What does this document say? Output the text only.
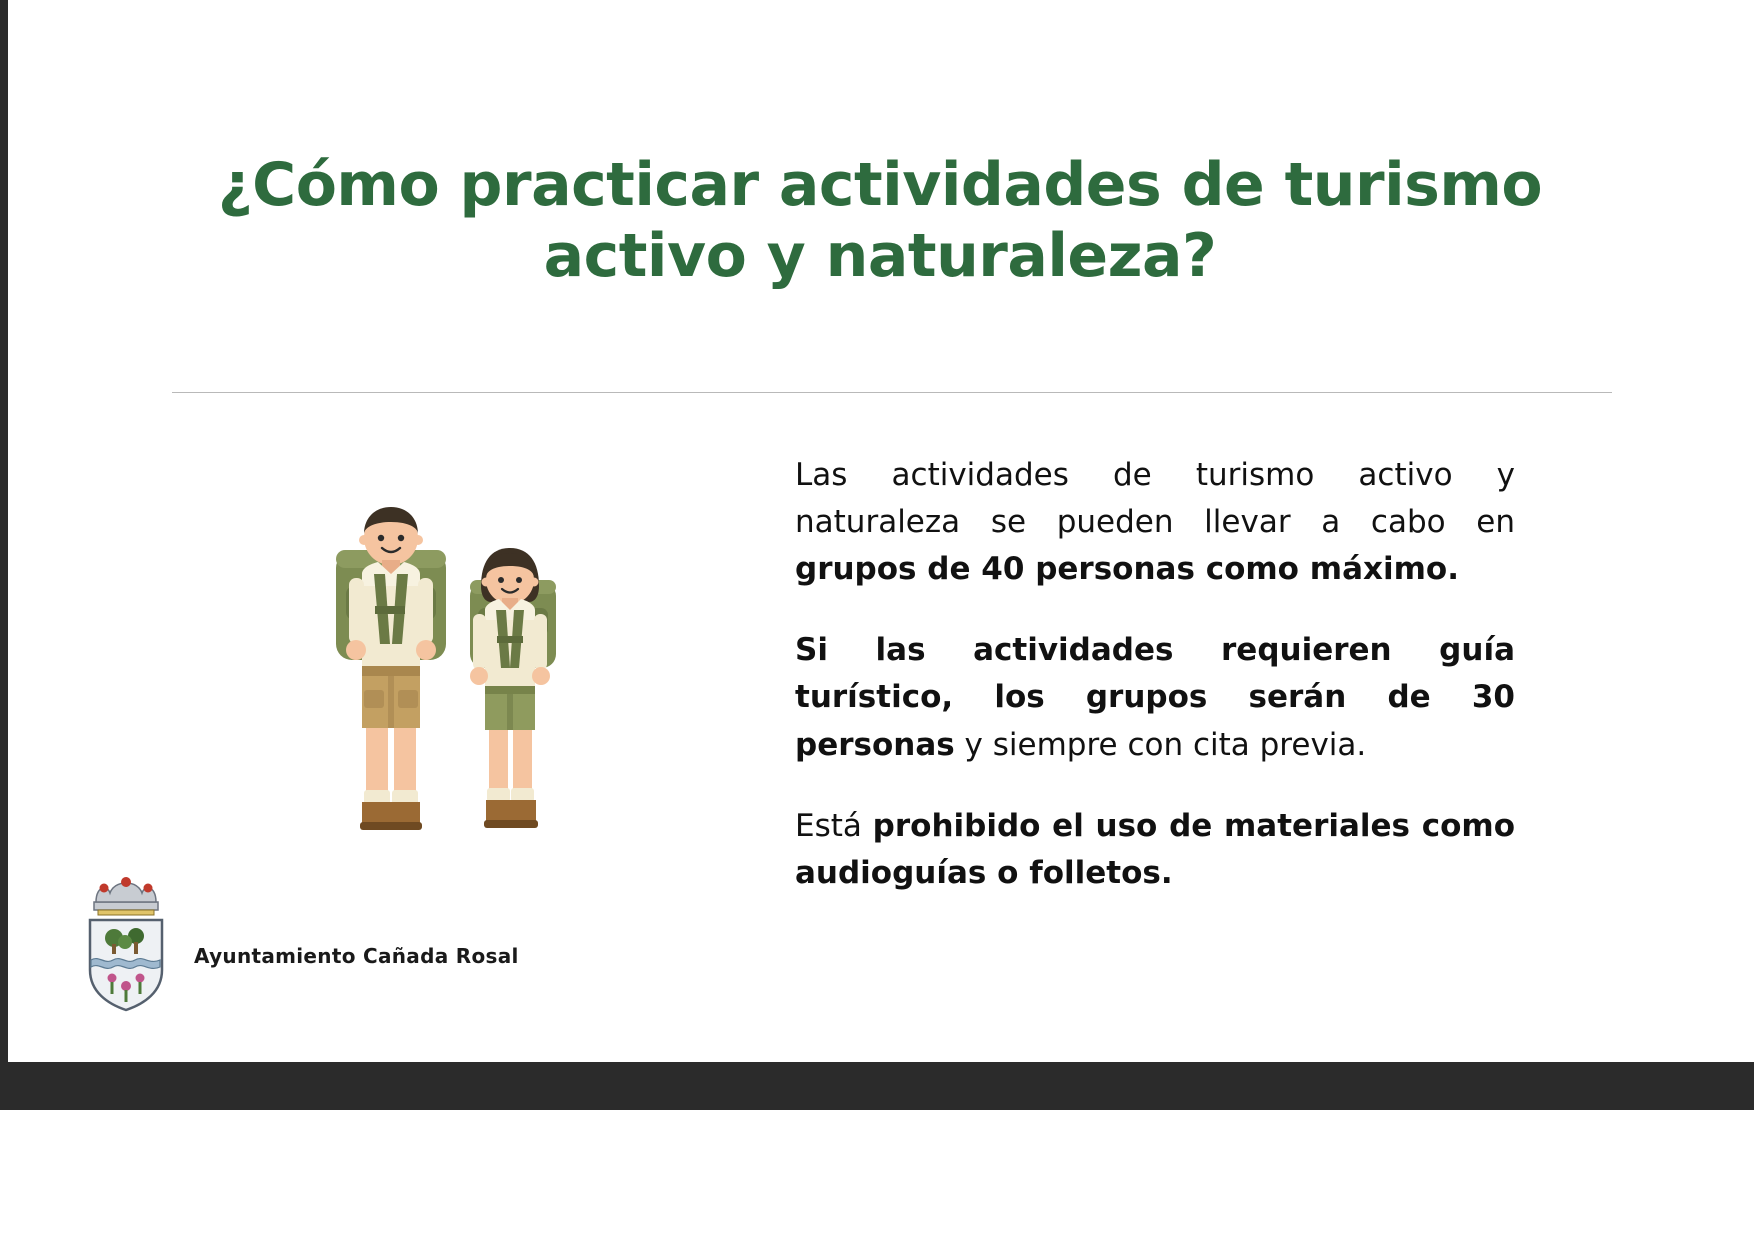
¿Cómo practicar actividades de turismo
activo y naturaleza?
Ayuntamiento Cañada Rosal

Las actividades de turismo activo y naturaleza se pueden llevar a cabo en grupos de 40 personas como máximo.

Si las actividades requieren guía turístico, los grupos serán de 30 personas y siempre con cita previa.

Está prohibido el uso de materiales como audioguías o folletos.
